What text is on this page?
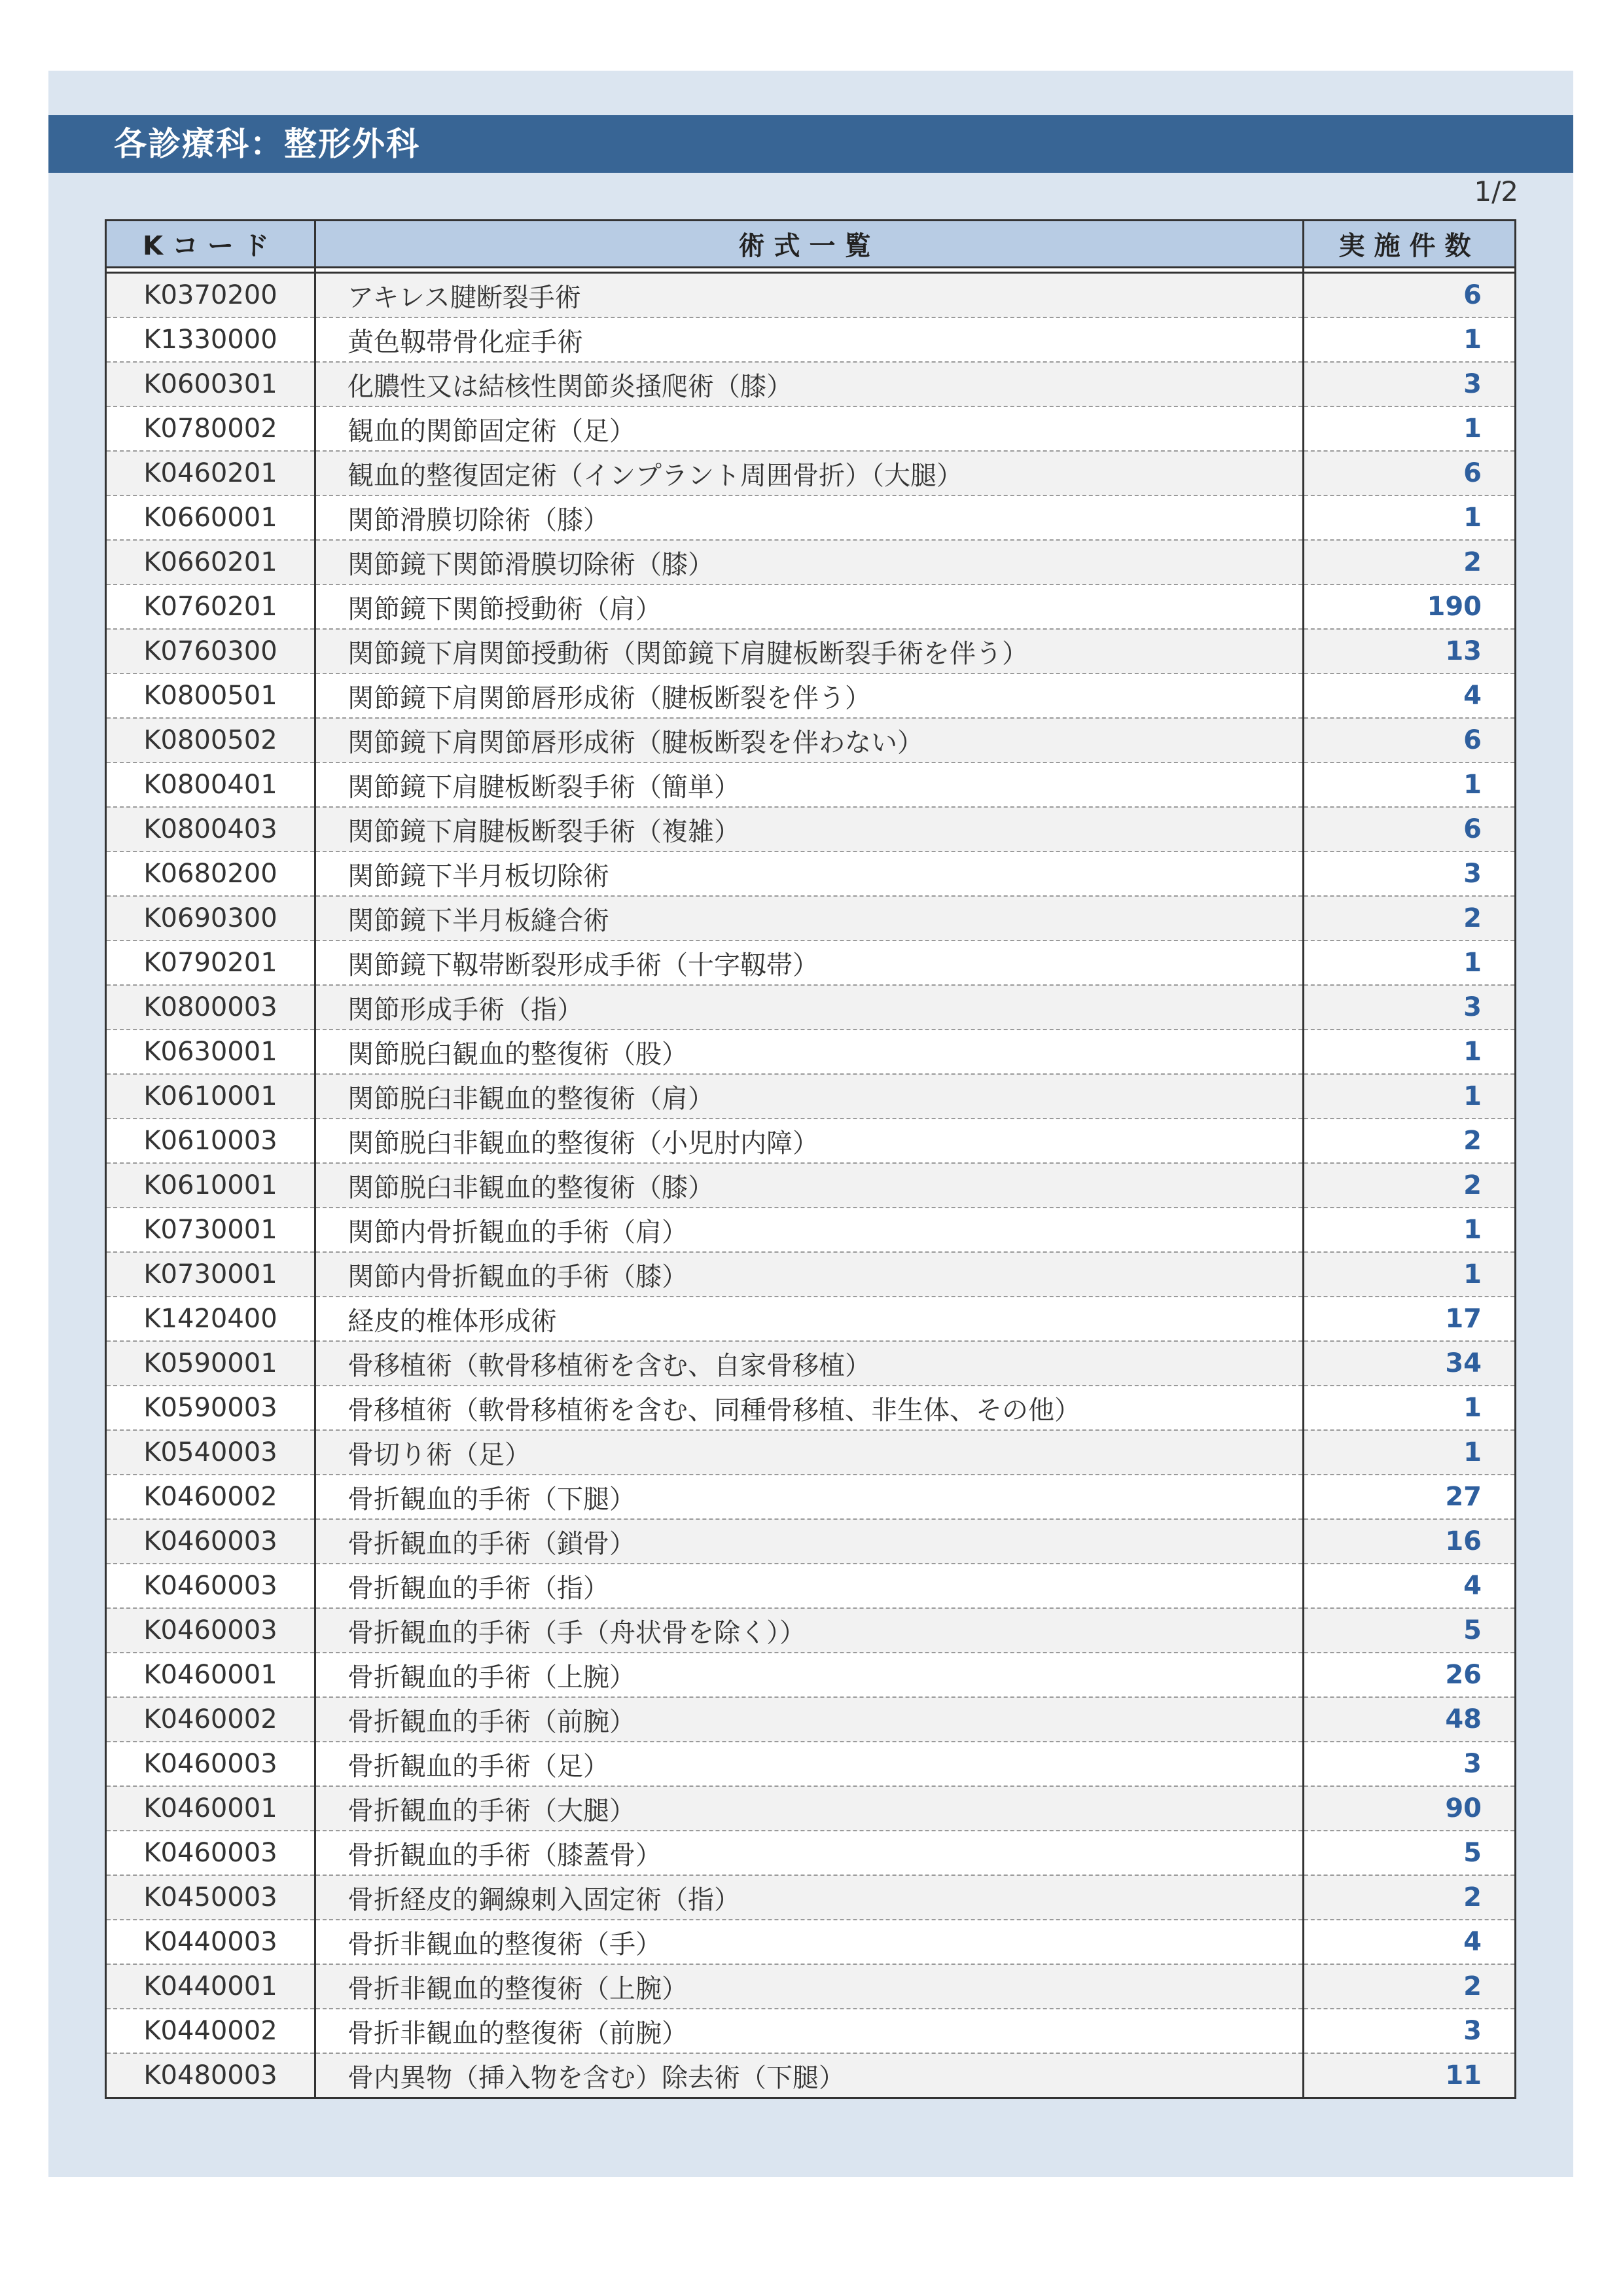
各診療科：整形外科
1/2
Kコード	術式一覧	実施件数

K0370200	アキレス腱断裂手術	6
K1330000	黄色靱帯骨化症手術	1
K0600301	化膿性又は結核性関節炎掻爬術（膝）	3
K0780002	観血的関節固定術（足）	1
K0460201	観血的整復固定術（インプラント周囲骨折）（大腿）	6
K0660001	関節滑膜切除術（膝）	1
K0660201	関節鏡下関節滑膜切除術（膝）	2
K0760201	関節鏡下関節授動術（肩）	190
K0760300	関節鏡下肩関節授動術（関節鏡下肩腱板断裂手術を伴う）	13
K0800501	関節鏡下肩関節唇形成術（腱板断裂を伴う）	4
K0800502	関節鏡下肩関節唇形成術（腱板断裂を伴わない）	6
K0800401	関節鏡下肩腱板断裂手術（簡単）	1
K0800403	関節鏡下肩腱板断裂手術（複雑）	6
K0680200	関節鏡下半月板切除術	3
K0690300	関節鏡下半月板縫合術	2
K0790201	関節鏡下靱帯断裂形成手術（十字靱帯）	1
K0800003	関節形成手術（指）	3
K0630001	関節脱臼観血的整復術（股）	1
K0610001	関節脱臼非観血的整復術（肩）	1
K0610003	関節脱臼非観血的整復術（小児肘内障）	2
K0610001	関節脱臼非観血的整復術（膝）	2
K0730001	関節内骨折観血的手術（肩）	1
K0730001	関節内骨折観血的手術（膝）	1
K1420400	経皮的椎体形成術	17
K0590001	骨移植術（軟骨移植術を含む、自家骨移植）	34
K0590003	骨移植術（軟骨移植術を含む、同種骨移植、非生体、その他）	1
K0540003	骨切り術（足）	1
K0460002	骨折観血的手術（下腿）	27
K0460003	骨折観血的手術（鎖骨）	16
K0460003	骨折観血的手術（指）	4
K0460003	骨折観血的手術（手（舟状骨を除く））	5
K0460001	骨折観血的手術（上腕）	26
K0460002	骨折観血的手術（前腕）	48
K0460003	骨折観血的手術（足）	3
K0460001	骨折観血的手術（大腿）	90
K0460003	骨折観血的手術（膝蓋骨）	5
K0450003	骨折経皮的鋼線刺入固定術（指）	2
K0440003	骨折非観血的整復術（手）	4
K0440001	骨折非観血的整復術（上腕）	2
K0440002	骨折非観血的整復術（前腕）	3
K0480003	骨内異物（挿入物を含む）除去術（下腿）	11
